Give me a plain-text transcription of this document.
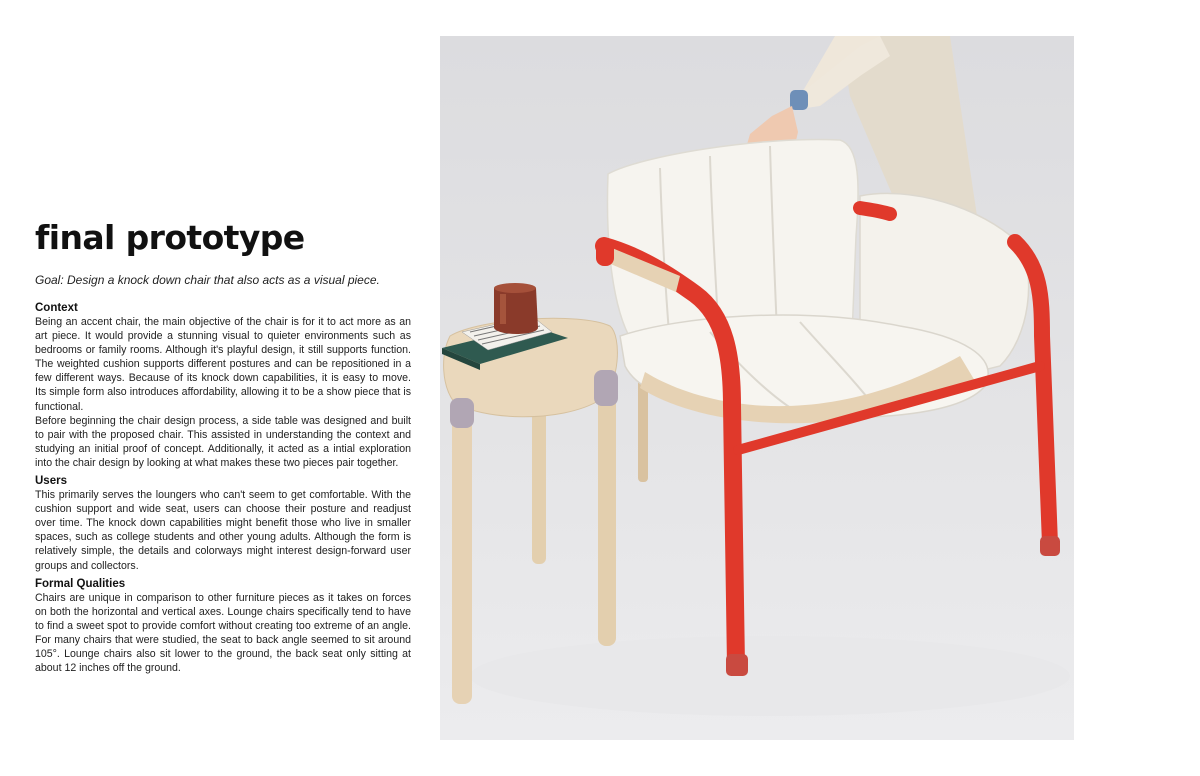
final prototype

Goal: Design a knock down chair that also acts as a visual piece.

Context

Being an accent chair, the main objective of the chair is for it to act more as an art piece. It would provide a stunning visual to quieter environments such as bedrooms or family rooms. Although it's playful design, it still supports function. The weighted cushion supports different postures and can be repositioned in a few different ways. Because of its knock down capabilities, it is easy to move. Its simple form also introduces affordability, allowing it to be a show piece that is functional.

Before beginning the chair design process, a side table was designed and built to pair with the proposed chair. This assisted in understanding the context and studying an initial proof of concept. Additionally, it acted as a intial exploration into the chair design by looking at what makes these two pieces pair together.

Users

This primarily serves the loungers who can't seem to get comfortable. With the cushion support and wide seat, users can choose their posture and readjust over time. The knock down capabilities might benefit those who live in smaller spaces, such as college students and other young adults. Although the form is relatively simple, the details and colorways might interest design-forward user groups and collectors.

Formal Qualities

Chairs are unique in comparison to other furniture pieces as it takes on forces on both the horizontal and vertical axes. Lounge chairs specifically tend to have to find a sweet spot to provide comfort without creating too extreme of an angle. For many chairs that were studied, the seat to back angle seemed to sit around 105°. Lounge chairs also sit lower to the ground, the back seat only sitting at about 12 inches off the ground.
